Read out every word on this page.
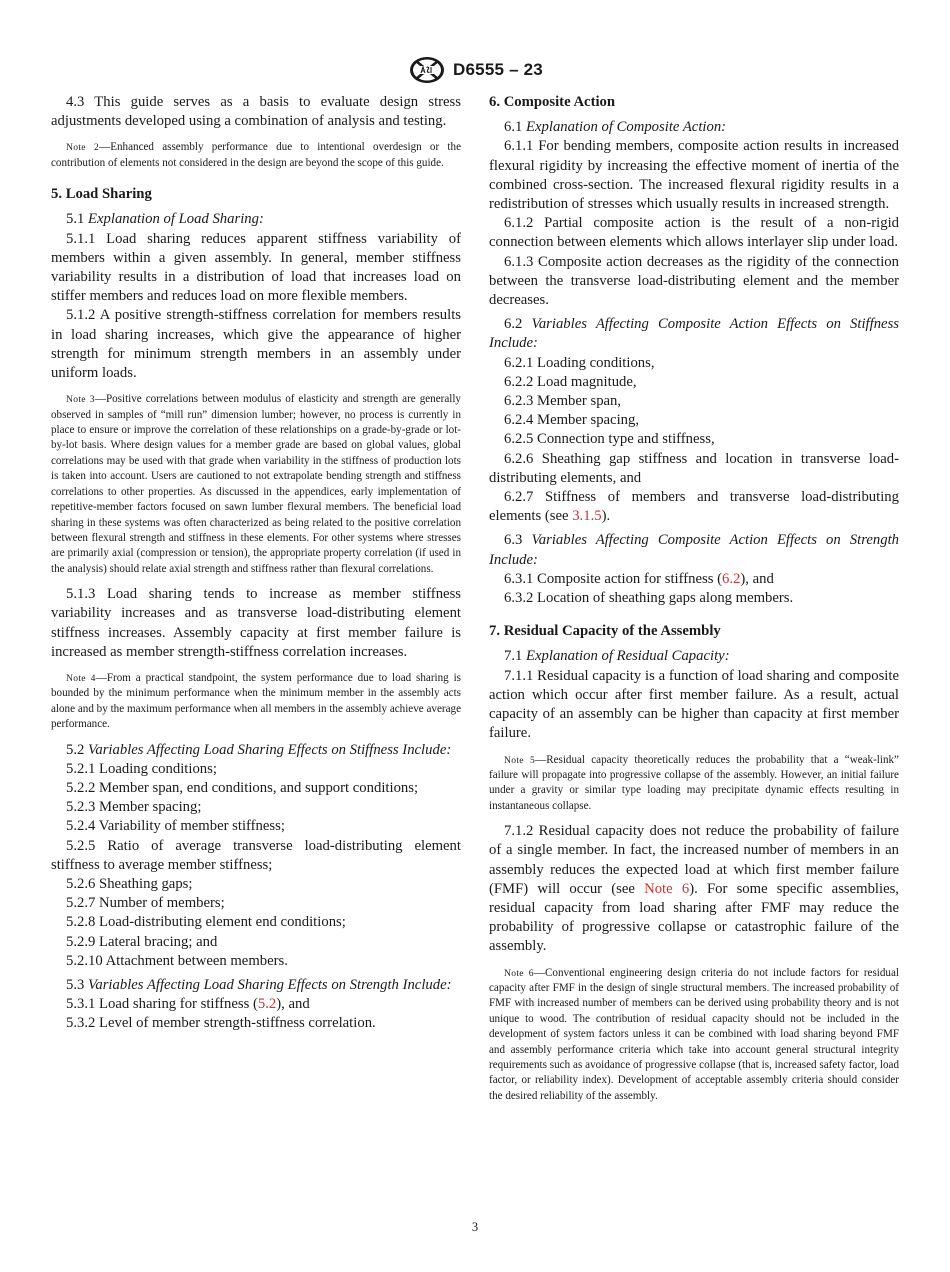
D6555 – 23

4.3 This guide serves as a basis to evaluate design stress adjustments developed using a combination of analysis and testing.

Note 2—Enhanced assembly performance due to intentional overdesign or the contribution of elements not considered in the design are beyond the scope of this guide.

5. Load Sharing

5.1 Explanation of Load Sharing:

5.1.1 Load sharing reduces apparent stiffness variability of members within a given assembly. In general, member stiffness variability results in a distribution of load that increases load on stiffer members and reduces load on more flexible members.

5.1.2 A positive strength-stiffness correlation for members results in load sharing increases, which give the appearance of higher strength for minimum strength members in an assembly under uniform loads.

Note 3—Positive correlations between modulus of elasticity and strength are generally observed in samples of “mill run” dimension lumber; however, no process is currently in place to ensure or improve the correlation of these relationships on a grade-by-grade or lot-by-lot basis. Where design values for a member grade are based on global values, global correlations may be used with that grade when variability in the stiffness of production lots is taken into account. Users are cautioned to not extrapolate bending strength and stiffness correlations to other properties. As discussed in the appendices, early implementation of repetitive-member factors focused on sawn lumber flexural members. The beneficial load sharing in these systems was often characterized as being related to the positive correlation between flexural strength and stiffness in these elements. For other systems where stresses are primarily axial (compression or tension), the appropriate property correlation (if used in the analysis) should relate axial strength and stiffness rather than flexural correlations.

5.1.3 Load sharing tends to increase as member stiffness variability increases and as transverse load-distributing element stiffness increases. Assembly capacity at first member failure is increased as member strength-stiffness correlation increases.

Note 4—From a practical standpoint, the system performance due to load sharing is bounded by the minimum performance when the minimum member in the assembly acts alone and by the maximum performance when all members in the assembly achieve average performance.

5.2 Variables Affecting Load Sharing Effects on Stiffness Include:

5.2.1 Loading conditions;

5.2.2 Member span, end conditions, and support conditions;

5.2.3 Member spacing;

5.2.4 Variability of member stiffness;

5.2.5 Ratio of average transverse load-distributing element stiffness to average member stiffness;

5.2.6 Sheathing gaps;

5.2.7 Number of members;

5.2.8 Load-distributing element end conditions;

5.2.9 Lateral bracing; and

5.2.10 Attachment between members.

5.3 Variables Affecting Load Sharing Effects on Strength Include:

5.3.1 Load sharing for stiffness (5.2), and

5.3.2 Level of member strength-stiffness correlation.

6. Composite Action

6.1 Explanation of Composite Action:

6.1.1 For bending members, composite action results in increased flexural rigidity by increasing the effective moment of inertia of the combined cross-section. The increased flexural rigidity results in a redistribution of stresses which usually results in increased strength.

6.1.2 Partial composite action is the result of a non-rigid connection between elements which allows interlayer slip under load.

6.1.3 Composite action decreases as the rigidity of the connection between the transverse load-distributing element and the member decreases.

6.2 Variables Affecting Composite Action Effects on Stiffness Include:

6.2.1 Loading conditions,

6.2.2 Load magnitude,

6.2.3 Member span,

6.2.4 Member spacing,

6.2.5 Connection type and stiffness,

6.2.6 Sheathing gap stiffness and location in transverse load-distributing elements, and

6.2.7 Stiffness of members and transverse load-distributing elements (see 3.1.5).

6.3 Variables Affecting Composite Action Effects on Strength Include:

6.3.1 Composite action for stiffness (6.2), and

6.3.2 Location of sheathing gaps along members.

7. Residual Capacity of the Assembly

7.1 Explanation of Residual Capacity:

7.1.1 Residual capacity is a function of load sharing and composite action which occur after first member failure. As a result, actual capacity of an assembly can be higher than capacity at first member failure.

Note 5—Residual capacity theoretically reduces the probability that a “weak-link” failure will propagate into progressive collapse of the assembly. However, an initial failure under a gravity or similar type loading may precipitate dynamic effects resulting in instantaneous collapse.

7.1.2 Residual capacity does not reduce the probability of failure of a single member. In fact, the increased number of members in an assembly reduces the expected load at which first member failure (FMF) will occur (see Note 6). For some specific assemblies, residual capacity from load sharing after FMF may reduce the probability of progressive collapse or catastrophic failure of the assembly.

Note 6—Conventional engineering design criteria do not include factors for residual capacity after FMF in the design of single structural members. The increased probability of FMF with increased number of members can be derived using probability theory and is not unique to wood. The contribution of residual capacity should not be included in the development of system factors unless it can be combined with load sharing beyond FMF and assembly performance criteria which take into account general structural integrity requirements such as avoidance of progressive collapse (that is, increased safety factor, load factor, or reliability index). Development of acceptable assembly criteria should consider the desired reliability of the assembly.

3
